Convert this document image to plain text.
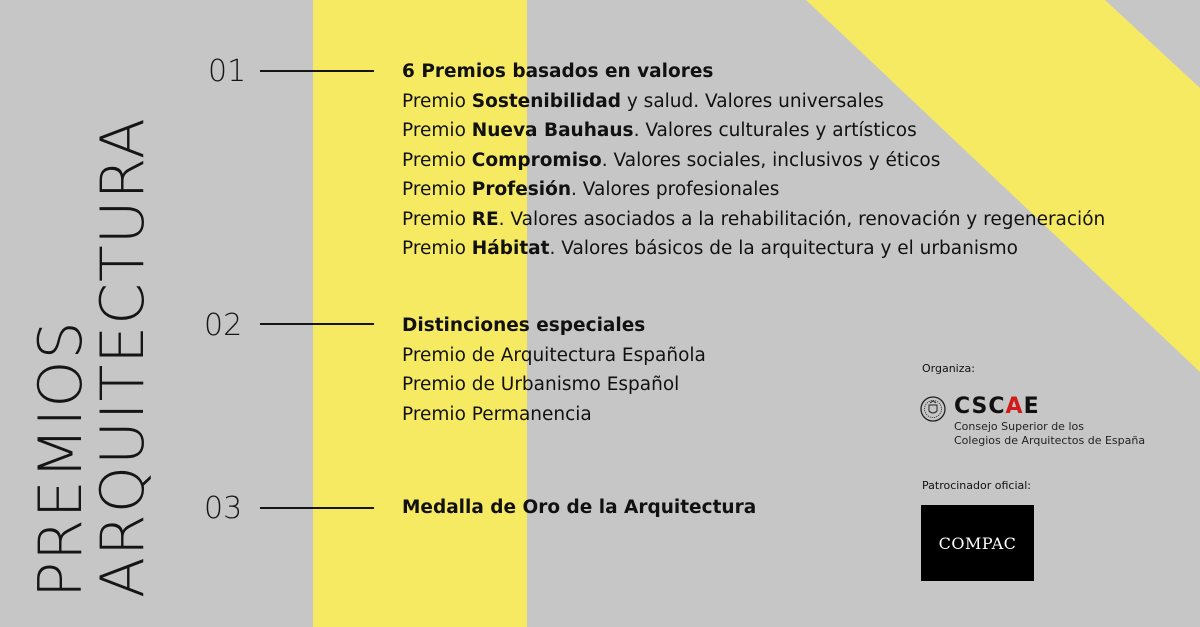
PREMIOS
ARQUITECTURA
01	6 Premios basados en valores
Premio Sostenibilidad y salud. Valores universales
Premio Nueva Bauhaus. Valores culturales y artísticos
Premio Compromiso. Valores sociales, inclusivos y éticos
Premio Profesión. Valores profesionales
Premio RE. Valores asociados a la rehabilitación, renovación y regeneración
Premio Hábitat. Valores básicos de la arquitectura y el urbanismo
02	Distinciones especiales
Premio de Arquitectura Española
Premio de Urbanismo Español
Premio Permanencia
03	Medalla de Oro de la Arquitectura
Organiza:
CSCAE
Consejo Superior de los
Colegios de Arquitectos de España
Patrocinador oficial:
COMPAC
